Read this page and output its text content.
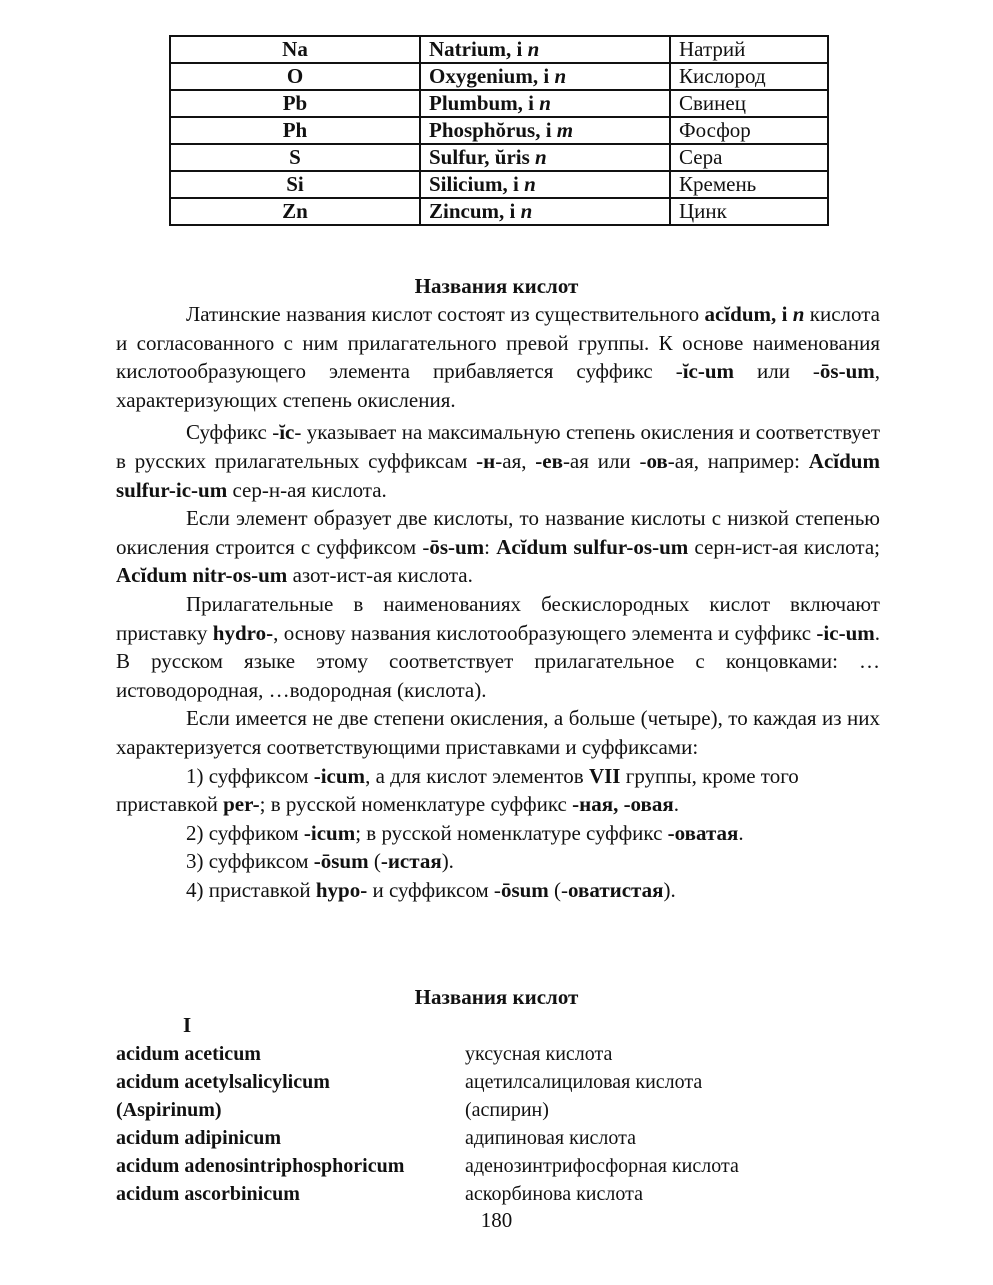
Na	Natrium, i n	Натрий
O	Oxygenium, i n	Кислород
Pb	Plumbum, i n	Свинец
Ph	Phosphŏrus, i m	Фосфор
S	Sulfur, ŭris n	Сера
Si	Silicium, i n	Кремень
Zn	Zincum, i n	Цинк
Названия кислот

Латинские названия кислот состоят из существительного acĭdum, i n кислота и согласованного с ним прилагательного превой группы. К основе наименования кислотообразующего элемента прибавляется суффикс -ĭc-um или -ōs-um, характеризующих степень окисления.

Суффикс -ĭc- указывает на максимальную степень окисления и соответствует в русских прилагательных суффиксам -н-ая, -ев-ая или -ов-ая, например: Acĭdum sulfur-ic-um сер-н-ая кислота.

Если элемент образует две кислоты, то название кислоты с низкой степенью окисления строится с суффиксом -ōs-um: Acĭdum sulfur-os-um серн-ист-ая кислота; Acĭdum nitr-os-um азот-ист-ая кислота.

Прилагательные в наименованиях бескислородных кислот включают приставку hydro-, основу названия кислотообразующего элемента и суффикс -ic-um. В русском языке этому соответствует прилагательное с концовками: …истоводородная, …водородная (кислота).

Если имеется не две степени окисления, а больше (четыре), то каждая из них характеризуется соответствующими приставками и суффиксами:

1) суффиксом -icum, а для кислот элементов VII группы, кроме того приставкой per-; в русской номенклатуре суффикс -ная, -овая.

2) суффиком -icum; в русской номенклатуре суффикс -оватая.

3) суффиксом -ōsum (-истая).

4) приставкой hypo- и суффиксом -ōsum (-оватистая).

Названия кислот
I
acidum aceticum	уксусная кислота
acidum acetylsalicylicum	ацетилсалициловая кислота
(Aspirinum)	(аспирин)
acidum adipinicum	адипиновая кислота
acidum adenosintriphosphoricum	аденозинтрифосфорная кислота
acidum ascorbinicum	аскорбинова кислота
180
